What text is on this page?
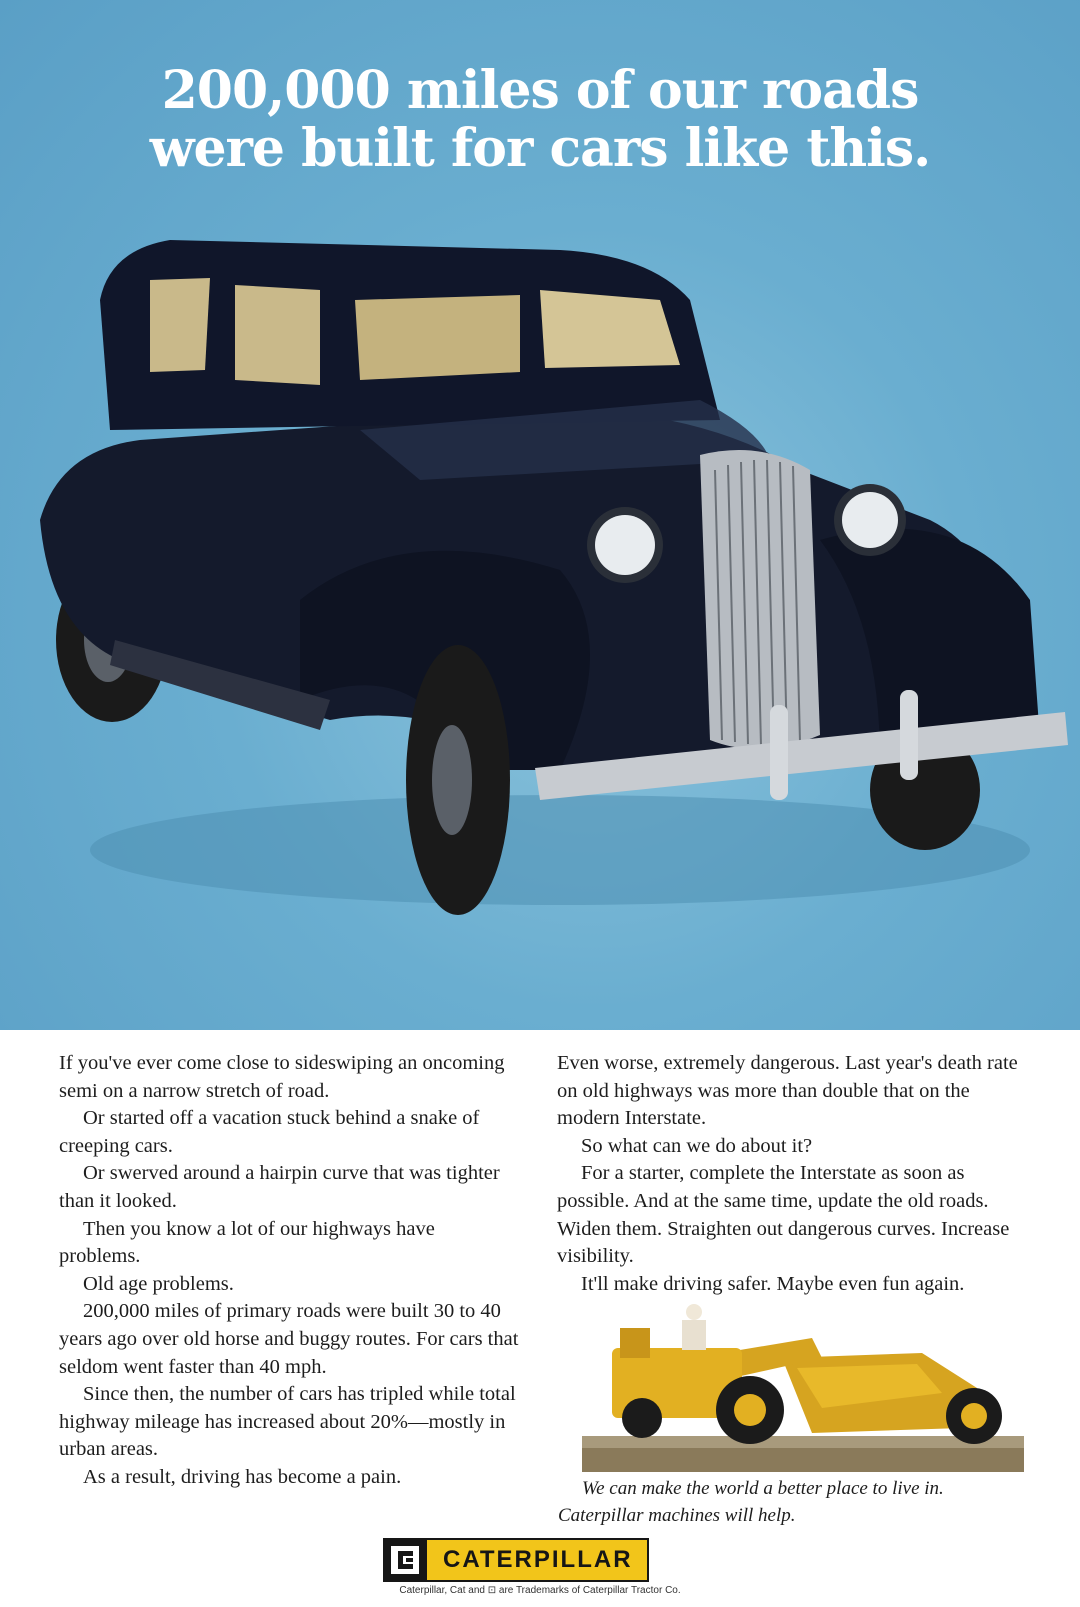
200,000 miles of our roads
were built for cars like this.

If you've ever come close to sideswiping an oncoming semi on a narrow stretch of road.

Or started off a vacation stuck behind a snake of creeping cars.

Or swerved around a hairpin curve that was tighter than it looked.

Then you know a lot of our highways have problems.

Old age problems.

200,000 miles of primary roads were built 30 to 40 years ago over old horse and buggy routes. For cars that seldom went faster than 40 mph.

Since then, the number of cars has tripled while total highway mileage has increased about 20%—mostly in urban areas.

As a result, driving has become a pain.

Even worse, extremely dangerous. Last year's death rate on old highways was more than double that on the modern Interstate.

So what can we do about it?

For a starter, complete the Interstate as soon as possible. And at the same time, update the old roads. Widen them. Straighten out dangerous curves. Increase visibility.

It'll make driving safer. Maybe even fun again.

We can make the world a better place to live in.
Caterpillar machines will help.
CATERPILLAR
Caterpillar, Cat and ⊡ are Trademarks of Caterpillar Tractor Co.
